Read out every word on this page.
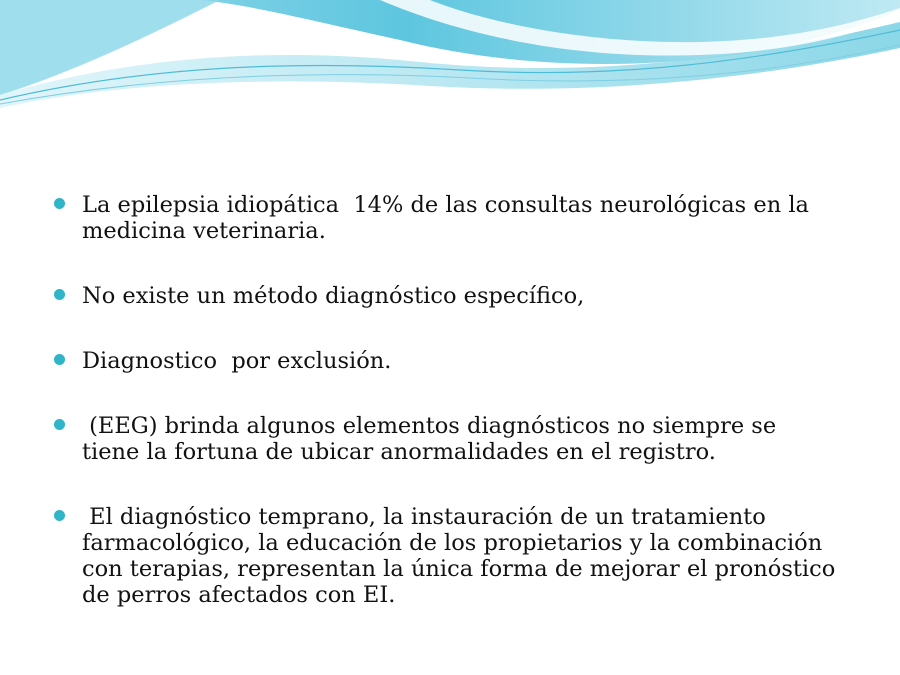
La epilepsia idiopática  14% de las consultas neurológicas en la
medicina veterinaria.
No existe un método diagnóstico específico,
Diagnostico  por exclusión.
(EEG) brinda algunos elementos diagnósticos no siempre se
tiene la fortuna de ubicar anormalidades en el registro.
El diagnóstico temprano, la instauración de un tratamiento
farmacológico, la educación de los propietarios y la combinación
con terapias, representan la única forma de mejorar el pronóstico
de perros afectados con EI.
